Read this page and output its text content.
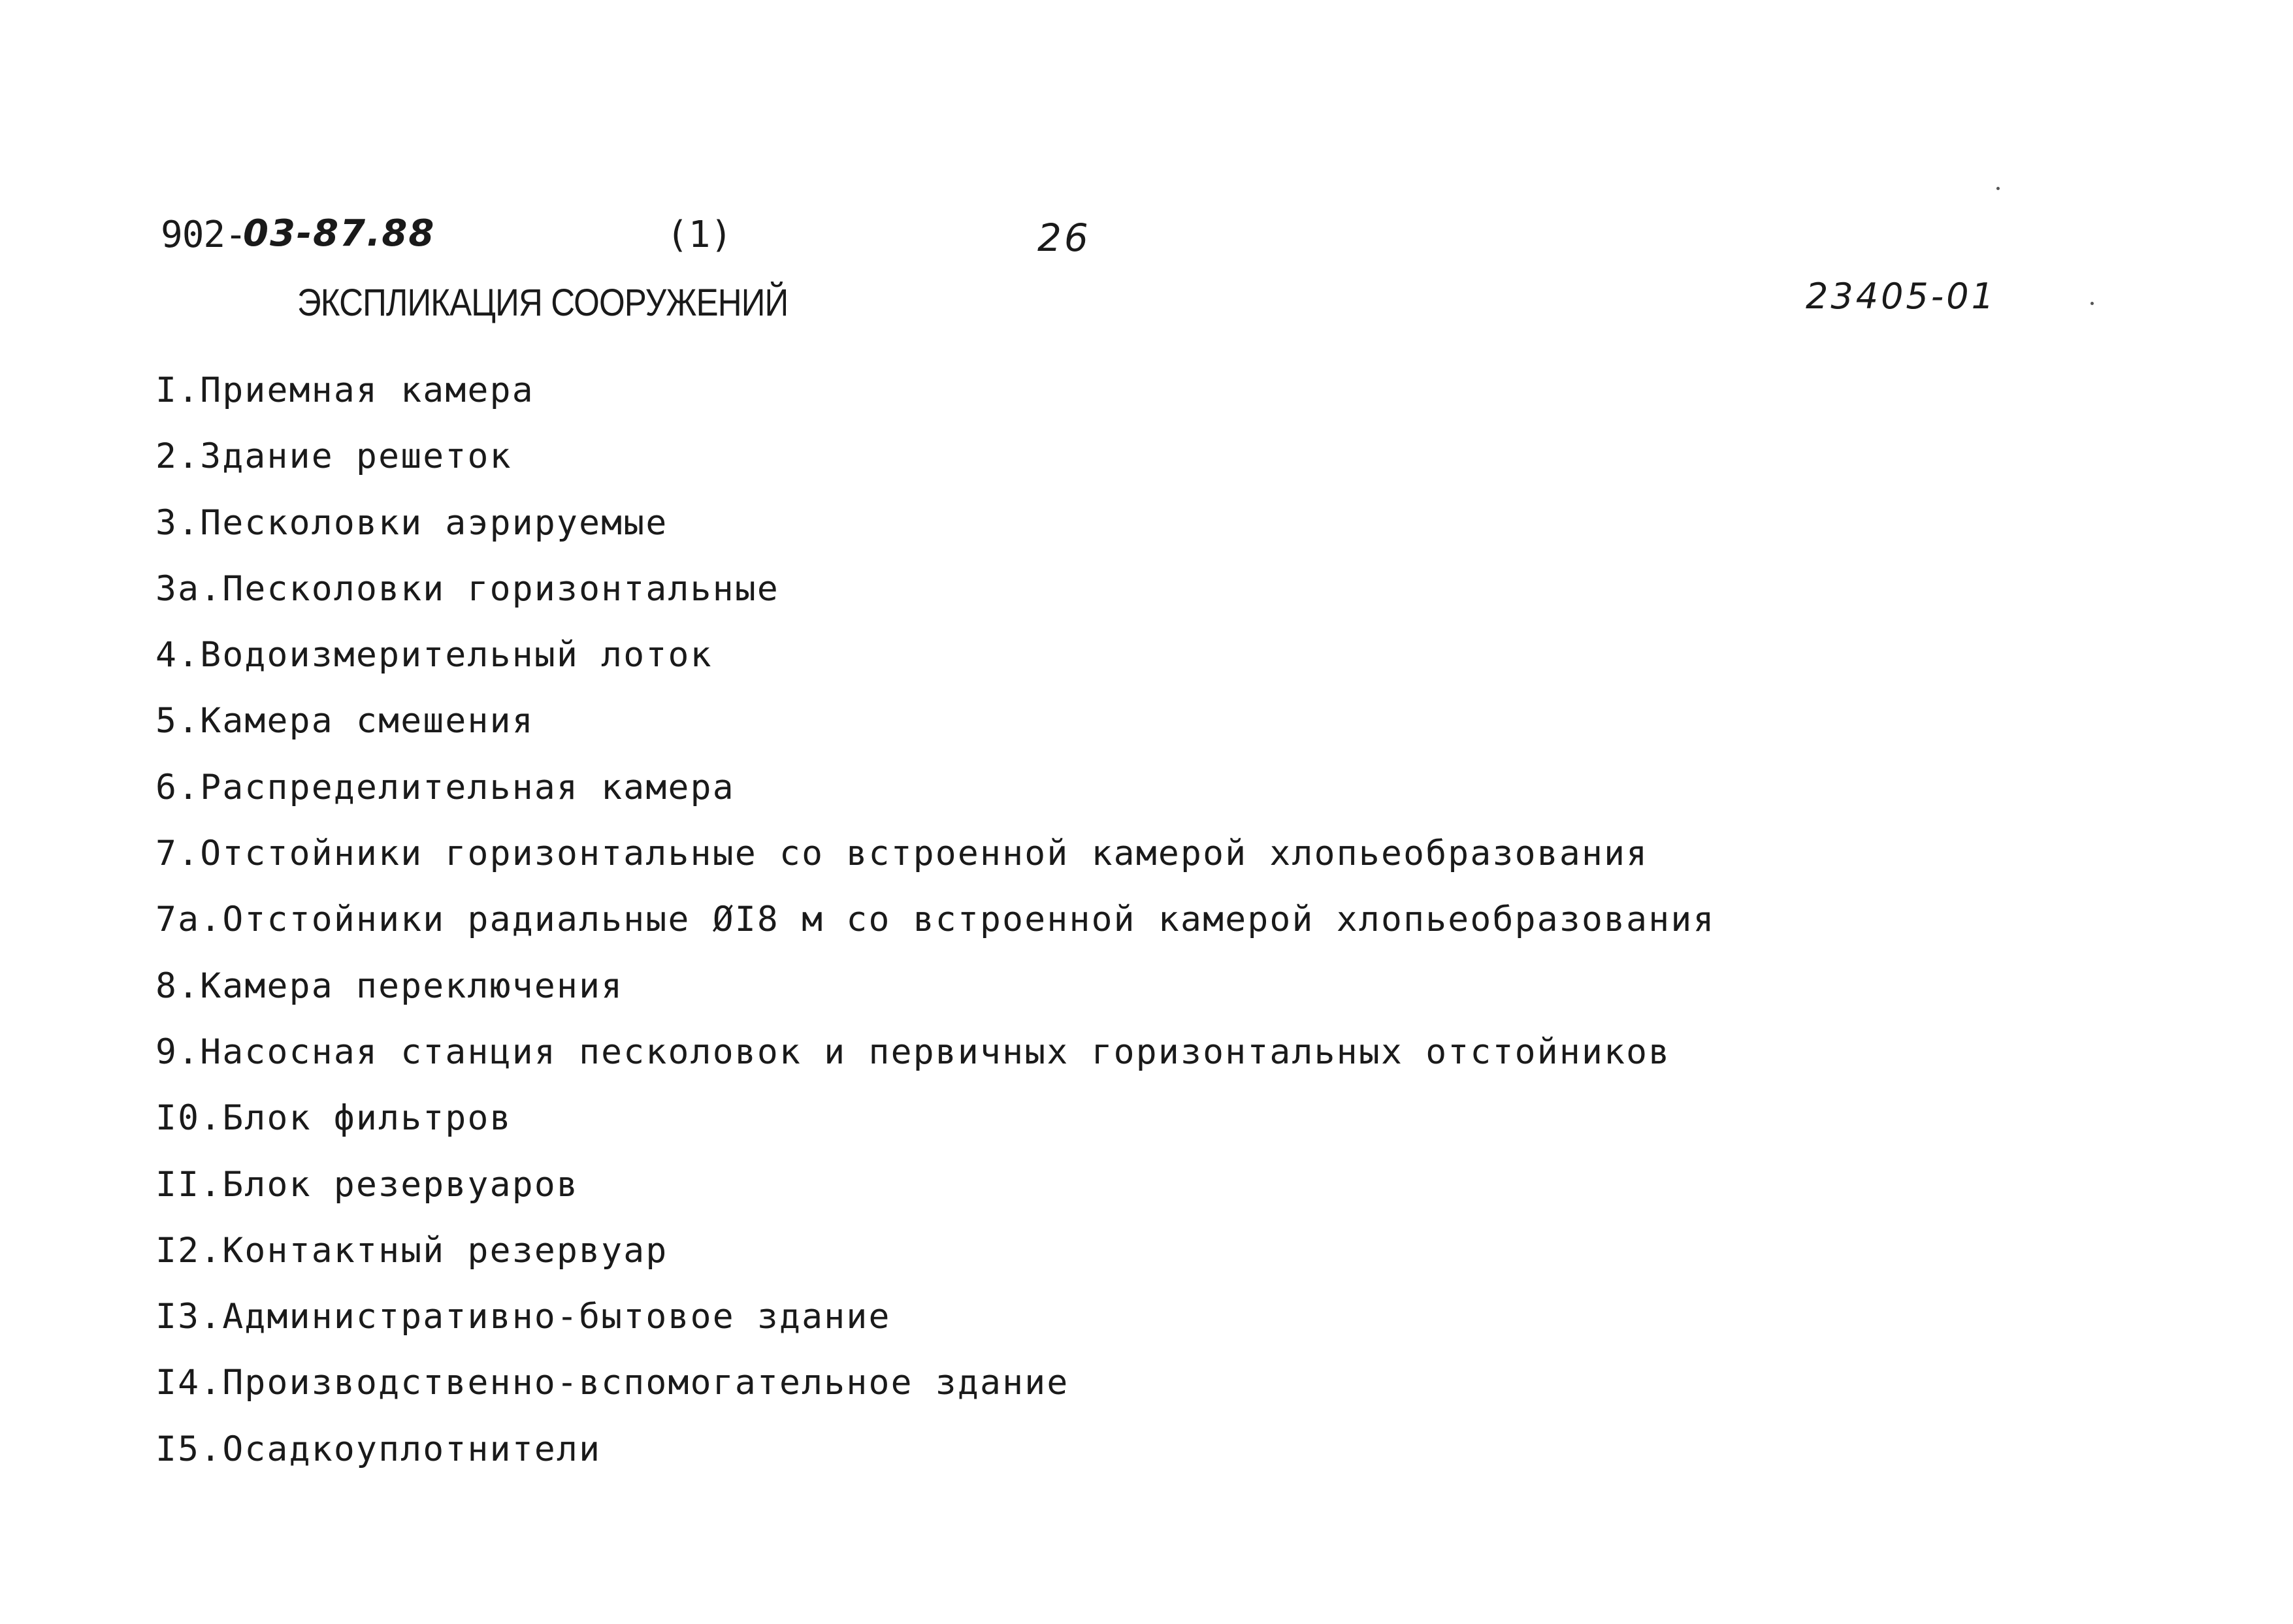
902-
03-87.88	(1)	26
23405-01
ЭКСПЛИКАЦИЯ СООРУЖЕНИЙ
I.Приемная камера
2.Здание решеток
3.Песколовки аэрируемые
3а.Песколовки горизонтальные
4.Водоизмерительный лоток
5.Камера смешения
6.Распределительная камера
7.Отстойники горизонтальные со встроенной камерой хлопьеобразования
7а.Отстойники радиальные ØI8 м со встроенной камерой хлопьеобразования
8.Камера переключения
9.Насосная станция песколовок и первичных горизонтальных отстойников
I0.Блок фильтров
II.Блок резервуаров
I2.Контактный резервуар
I3.Административно-бытовое здание
I4.Производственно-вспомогательное здание
I5.Осадкоуплотнители
